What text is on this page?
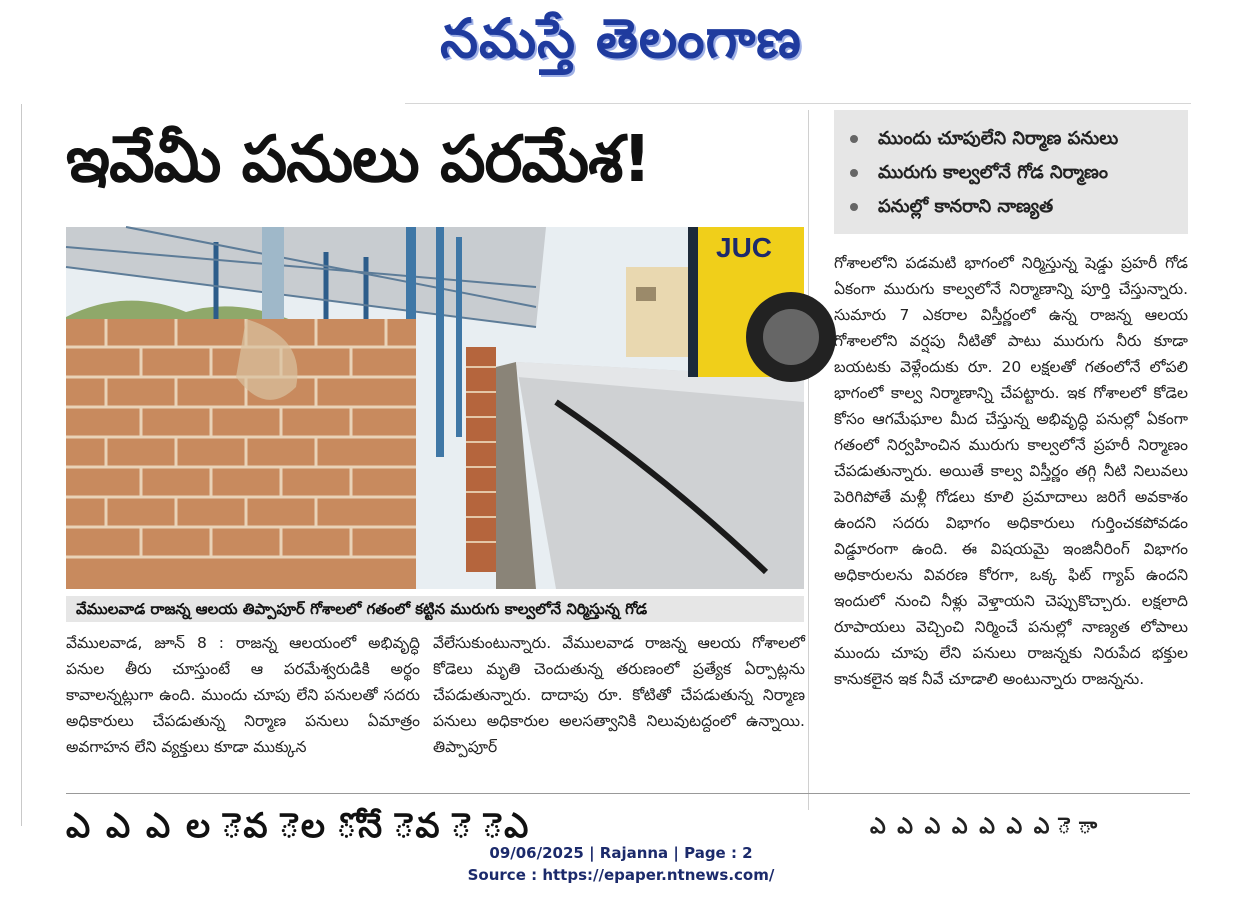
నమస్తే తెలంగాణ
ఇవేమీ పనులు పరమేశ!	ముందు చూపులేని నిర్మాణ పనులు
మురుగు కాల్వలోనే గోడ నిర్మాణం
పనుల్లో కానరాని నాణ్యత
JUC
వేములవాడ రాజన్న ఆలయ తిప్పాపూర్ గోశాలలో గతంలో కట్టిన మురుగు కాల్వలోనే నిర్మిస్తున్న గోడ
వేములవాడ, జూన్ 8 : రాజన్న ఆలయంలో అభివృద్ధి పనుల తీరు చూస్తుంటే ఆ పరమేశ్వరుడికి అర్థం కావాలన్నట్లుగా ఉంది. ముందు చూపు లేని పనులతో సదరు అధికారులు చేపడుతున్న నిర్మాణ పనులు ఏమాత్రం అవగాహన లేని వ్యక్తులు కూడా ముక్కున
వేలేసుకుంటున్నారు. వేములవాడ రాజన్న ఆలయ గోశాలలో కోడెలు మృతి చెందుతున్న తరుణంలో ప్రత్యేక ఏర్పాట్లను చేపడుతున్నారు. దాదాపు రూ. కోటితో చేపడుతున్న నిర్మాణ పనులు అధికారుల అలసత్వానికి నిలువుటద్దంలో ఉన్నాయి. తిప్పాపూర్
గోశాలలోని పడమటి భాగంలో నిర్మిస్తున్న షెడ్డు ప్రహరీ గోడ ఏకంగా మురుగు కాల్వలోనే నిర్మాణాన్ని పూర్తి చేస్తున్నారు. సుమారు 7 ఎకరాల విస్తీర్ణంలో ఉన్న రాజన్న ఆలయ గోశాలలోని వర్షపు నీటితో పాటు మురుగు నీరు కూడా బయటకు వెళ్లేందుకు రూ. 20 లక్షలతో గతంలోనే లోపలి భాగంలో కాల్వ నిర్మాణాన్ని చేపట్టారు. ఇక గోశాలలో కోడెల కోసం ఆగమేఘాల మీద చేస్తున్న అభివృద్ధి పనుల్లో ఏకంగా గతంలో నిర్వహించిన మురుగు కాల్వలోనే ప్రహరీ నిర్మాణం చేపడుతున్నారు. అయితే కాల్వ విస్తీర్ణం తగ్గి నీటి నిలువలు పెరిగిపోతే మళ్లీ గోడలు కూలి ప్రమాదాలు జరిగే అవకాశం ఉందని సదరు విభాగం అధికారులు గుర్తించకపోవడం విడ్డూరంగా ఉంది. ఈ విషయమై ఇంజినీరింగ్ విభాగం అధికారులను వివరణ కోరగా, ఒక్క ఫిట్ గ్యాప్ ఉందని ఇందులో నుంచి నీళ్లు వెళ్తాయని చెప్పుకొచ్చారు. లక్షలాది రూపాయలు వెచ్చించి నిర్మించే పనుల్లో నాణ్యత లోపాలు ముందు చూపు లేని పనులు రాజన్నకు నిరుపేద భక్తుల కానుకలైన ఇక నీవే చూడాలి అంటున్నారు రాజన్నను.
ఎ ఎ ఎ ల ెవ ెల ోనే ెవ ె ెఎ	ఎ ఎ ఎ ఎ ఎ ఎ ఎ ె ా
09/06/2025 | Rajanna | Page : 2
Source : https://epaper.ntnews.com/
